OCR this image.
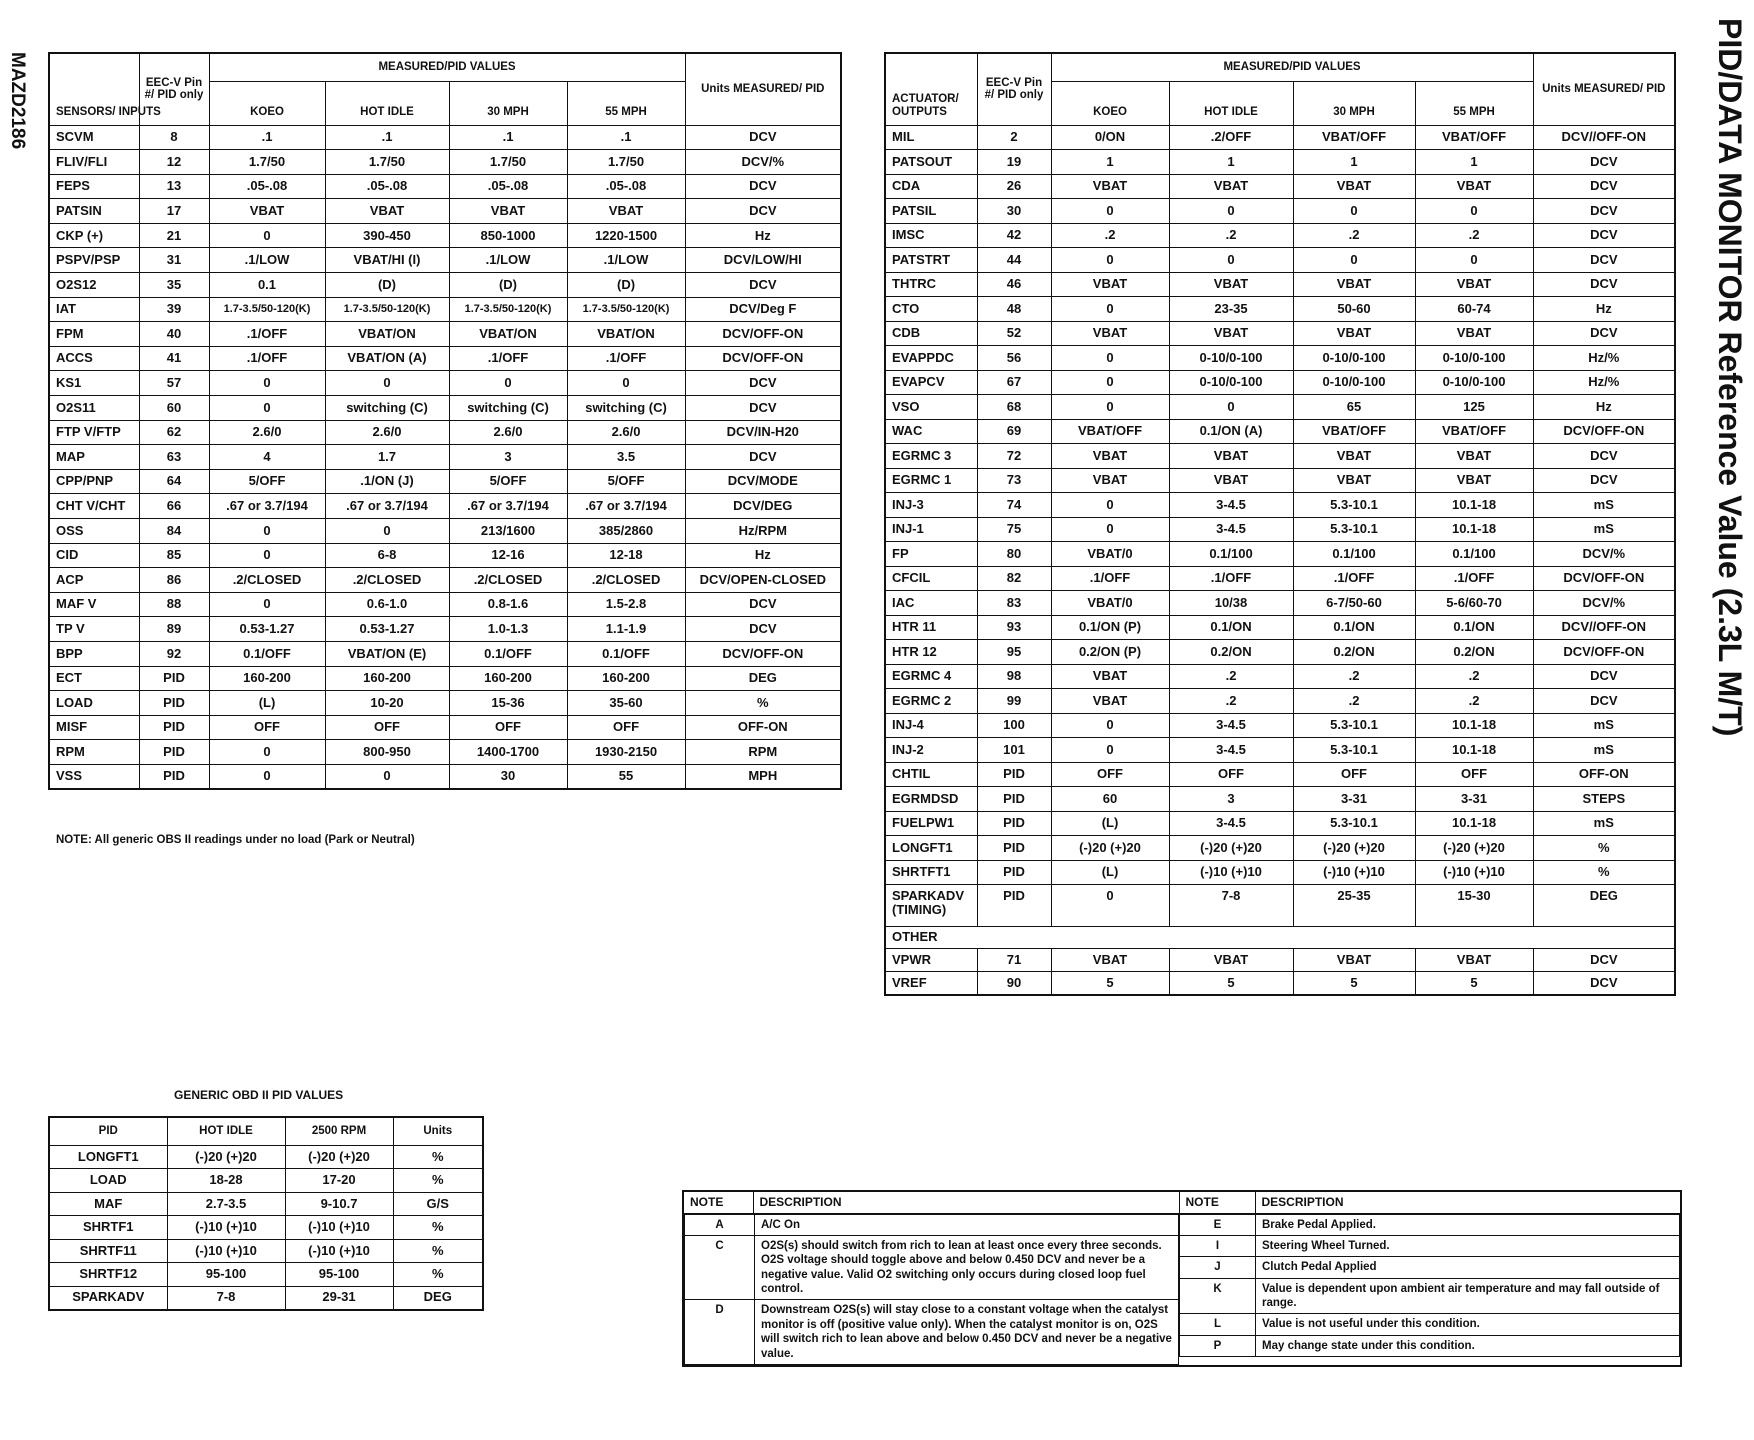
PID/DATA MONITOR Reference Value (2.3L M/T)
MAZD2186 SENSORS/ INPUTS	EEC-V Pin #/ PID only	MEASURED/PID VALUES				Units MEASURED/ PID
		KOEO	HOT IDLE	30 MPH	55 MPH	
SCVM	8	.1	.1	.1	.1	DCV
FLIV/FLI	12	1.7/50	1.7/50	1.7/50	1.7/50	DCV/%
FEPS	13	.05-.08	.05-.08	.05-.08	.05-.08	DCV
PATSIN	17	VBAT	VBAT	VBAT	VBAT	DCV
CKP (+)	21	0	390-450	850-1000	1220-1500	Hz
PSPV/PSP	31	.1/LOW	VBAT/HI (I)	.1/LOW	.1/LOW	DCV/LOW/HI
O2S12	35	0.1	(D)	(D)	(D)	DCV
IAT	39	1.7-3.5/50-120(K)	1.7-3.5/50-120(K)	1.7-3.5/50-120(K)	1.7-3.5/50-120(K)	DCV/Deg F
FPM	40	.1/OFF	VBAT/ON	VBAT/ON	VBAT/ON	DCV/OFF-ON
ACCS	41	.1/OFF	VBAT/ON (A)	.1/OFF	.1/OFF	DCV/OFF-ON
KS1	57	0	0	0	0	DCV
O2S11	60	0	switching (C)	switching (C)	switching (C)	DCV
FTP V/FTP	62	2.6/0	2.6/0	2.6/0	2.6/0	DCV/IN-H20
MAP	63	4	1.7	3	3.5	DCV
CPP/PNP	64	5/OFF	.1/ON (J)	5/OFF	5/OFF	DCV/MODE
CHT V/CHT	66	.67 or 3.7/194	.67 or 3.7/194	.67 or 3.7/194	.67 or 3.7/194	DCV/DEG
OSS	84	0	0	213/1600	385/2860	Hz/RPM
CID	85	0	6-8	12-16	12-18	Hz
ACP	86	.2/CLOSED	.2/CLOSED	.2/CLOSED	.2/CLOSED	DCV/OPEN-CLOSED
MAF V	88	0	0.6-1.0	0.8-1.6	1.5-2.8	DCV
TP V	89	0.53-1.27	0.53-1.27	1.0-1.3	1.1-1.9	DCV
BPP	92	0.1/OFF	VBAT/ON (E)	0.1/OFF	0.1/OFF	DCV/OFF-ON
ECT	PID	160-200	160-200	160-200	160-200	DEG
LOAD	PID	(L)	10-20	15-36	35-60	%
MISF	PID	OFF	OFF	OFF	OFF	OFF-ON
RPM	PID	0	800-950	1400-1700	1930-2150	RPM
VSS	PID	0	0	30	55	MPH
NOTE: All generic OBS II readings under no load (Park or Neutral)
ACTUATOR/ OUTPUTS	EEC-V Pin #/ PID only	MEASURED/PID VALUES				Units MEASURED/ PID
		KOEO	HOT IDLE	30 MPH	55 MPH	
MIL	2	0/ON	.2/OFF	VBAT/OFF	VBAT/OFF	DCV//OFF-ON
PATSOUT	19	1	1	1	1	DCV
CDA	26	VBAT	VBAT	VBAT	VBAT	DCV
PATSIL	30	0	0	0	0	DCV
IMSC	42	.2	.2	.2	.2	DCV
PATSTRT	44	0	0	0	0	DCV
THTRC	46	VBAT	VBAT	VBAT	VBAT	DCV
CTO	48	0	23-35	50-60	60-74	Hz
CDB	52	VBAT	VBAT	VBAT	VBAT	DCV
EVAPPDC	56	0	0-10/0-100	0-10/0-100	0-10/0-100	Hz/%
EVAPCV	67	0	0-10/0-100	0-10/0-100	0-10/0-100	Hz/%
VSO	68	0	0	65	125	Hz
WAC	69	VBAT/OFF	0.1/ON (A)	VBAT/OFF	VBAT/OFF	DCV/OFF-ON
EGRMC 3	72	VBAT	VBAT	VBAT	VBAT	DCV
EGRMC 1	73	VBAT	VBAT	VBAT	VBAT	DCV
INJ-3	74	0	3-4.5	5.3-10.1	10.1-18	mS
INJ-1	75	0	3-4.5	5.3-10.1	10.1-18	mS
FP	80	VBAT/0	0.1/100	0.1/100	0.1/100	DCV/%
CFCIL	82	.1/OFF	.1/OFF	.1/OFF	.1/OFF	DCV/OFF-ON
IAC	83	VBAT/0	10/38	6-7/50-60	5-6/60-70	DCV/%
HTR 11	93	0.1/ON (P)	0.1/ON	0.1/ON	0.1/ON	DCV//OFF-ON
HTR 12	95	0.2/ON (P)	0.2/ON	0.2/ON	0.2/ON	DCV/OFF-ON
EGRMC 4	98	VBAT	.2	.2	.2	DCV
EGRMC 2	99	VBAT	.2	.2	.2	DCV
INJ-4	100	0	3-4.5	5.3-10.1	10.1-18	mS
INJ-2	101	0	3-4.5	5.3-10.1	10.1-18	mS
CHTIL	PID	OFF	OFF	OFF	OFF	OFF-ON
EGRMDSD	PID	60	3	3-31	3-31	STEPS
FUELPW1	PID	(L)	3-4.5	5.3-10.1	10.1-18	mS
LONGFT1	PID	(-)20 (+)20	(-)20 (+)20	(-)20 (+)20	(-)20 (+)20	%
SHRTFT1	PID	(L)	(-)10 (+)10	(-)10 (+)10	(-)10 (+)10	%
SPARKADV (TIMING)	PID	0	7-8	25-35	15-30	DEG
OTHER						
VPWR	71	VBAT	VBAT	VBAT	VBAT	DCV
VREF	90	5	5	5	5	DCV
GENERIC OBD II PID VALUES
PID	HOT IDLE	2500 RPM	Units
LONGFT1	(-)20 (+)20	(-)20 (+)20	%
LOAD	18-28	17-20	%
MAF	2.7-3.5	9-10.7	G/S
SHRTF1	(-)10 (+)10	(-)10 (+)10	%
SHRTF11	(-)10 (+)10	(-)10 (+)10	%
SHRTF12	95-100	95-100	%
SPARKADV	7-8	29-31	DEG
NOTE	DESCRIPTION	NOTE	DESCRIPTION

A	A/C On
C	O2S(s) should switch from rich to lean at least once every three seconds. O2S voltage should toggle above and below 0.450 DCV and never be a negative value. Valid O2 switching only occurs during closed loop fuel control.
D	Downstream O2S(s) will stay close to a constant voltage when the catalyst monitor is off (positive value only). When the catalyst monitor is on, O2S will switch rich to lean above and below 0.450 DCV and never be a negative value.

E	Brake Pedal Applied.
I	Steering Wheel Turned.
J	Clutch Pedal Applied
K	Value is dependent upon ambient air temperature and may fall outside of range.
L	Value is not useful under this condition.
P	May change state under this condition.
